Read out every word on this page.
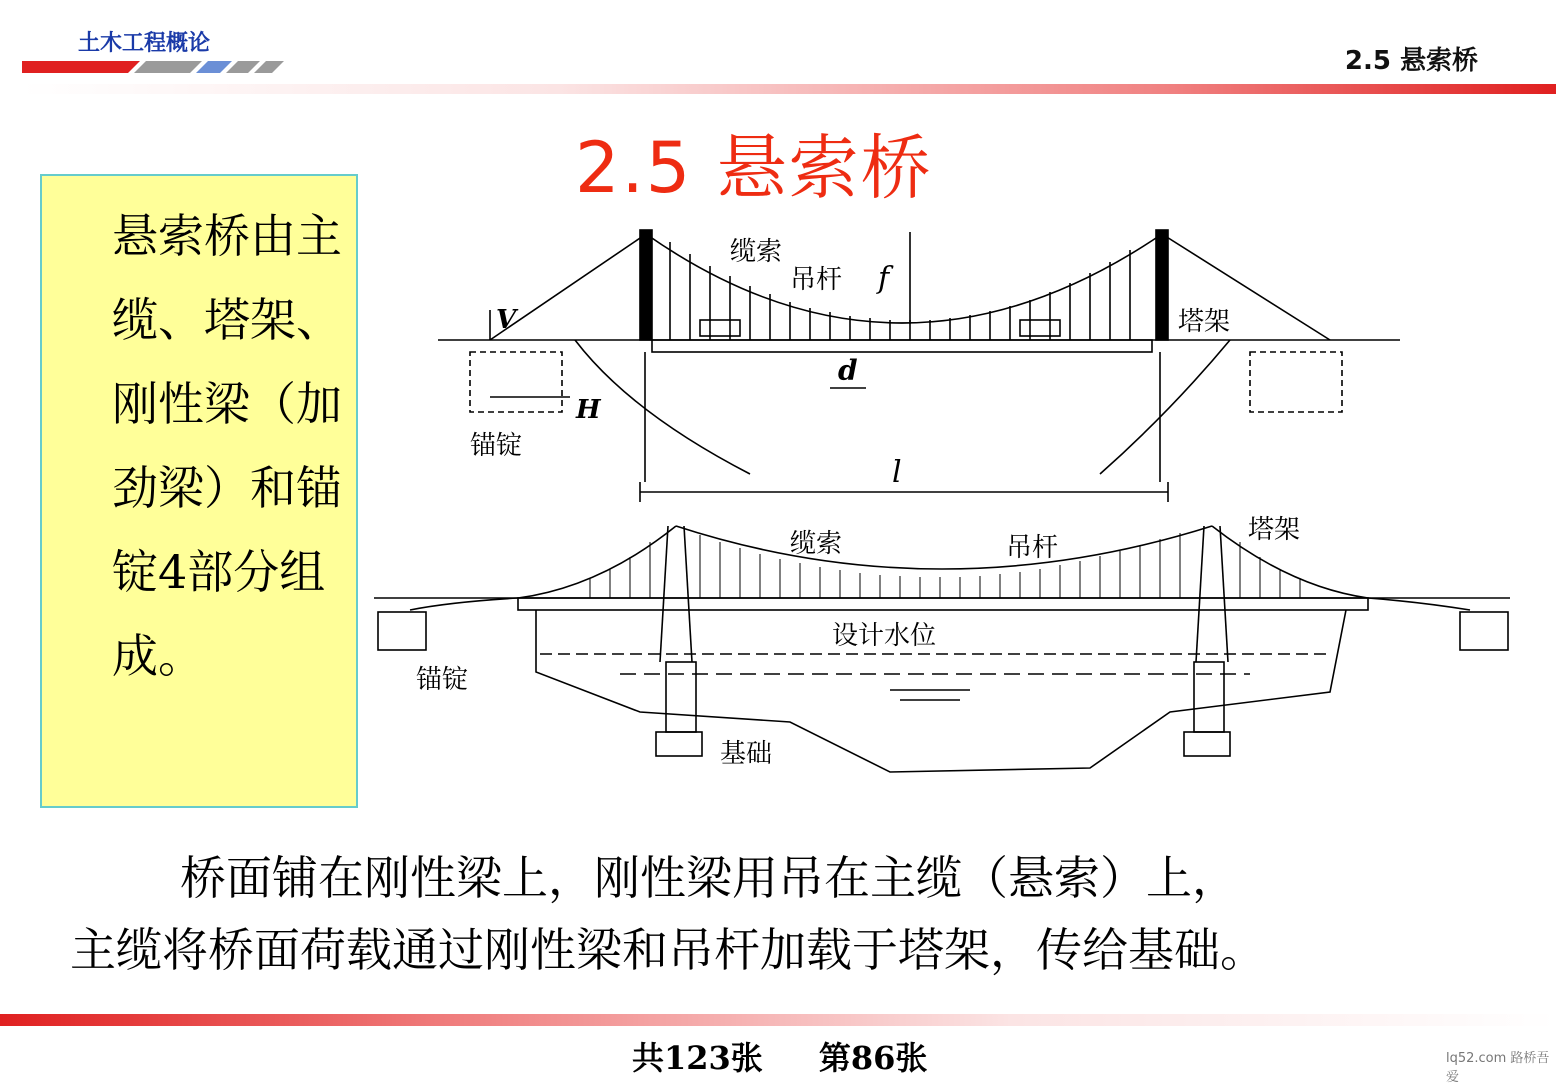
土木工程概论
2.5 悬索桥
2.5 悬索桥

悬索桥由主缆、塔架、刚性梁（加劲梁）和锚锭4部分组成。

缆索
吊杆 f
V
H
锚锭
d
l
塔架
缆索	吊杆
塔架
设计水位
锚锭
基础
桥面铺在刚性梁上，刚性梁用吊在主缆（悬索）上，
主缆将桥面荷载通过刚性梁和吊杆加载于塔架，传给基础。
共123张 第86张	lq52.com 路桥吾爱
